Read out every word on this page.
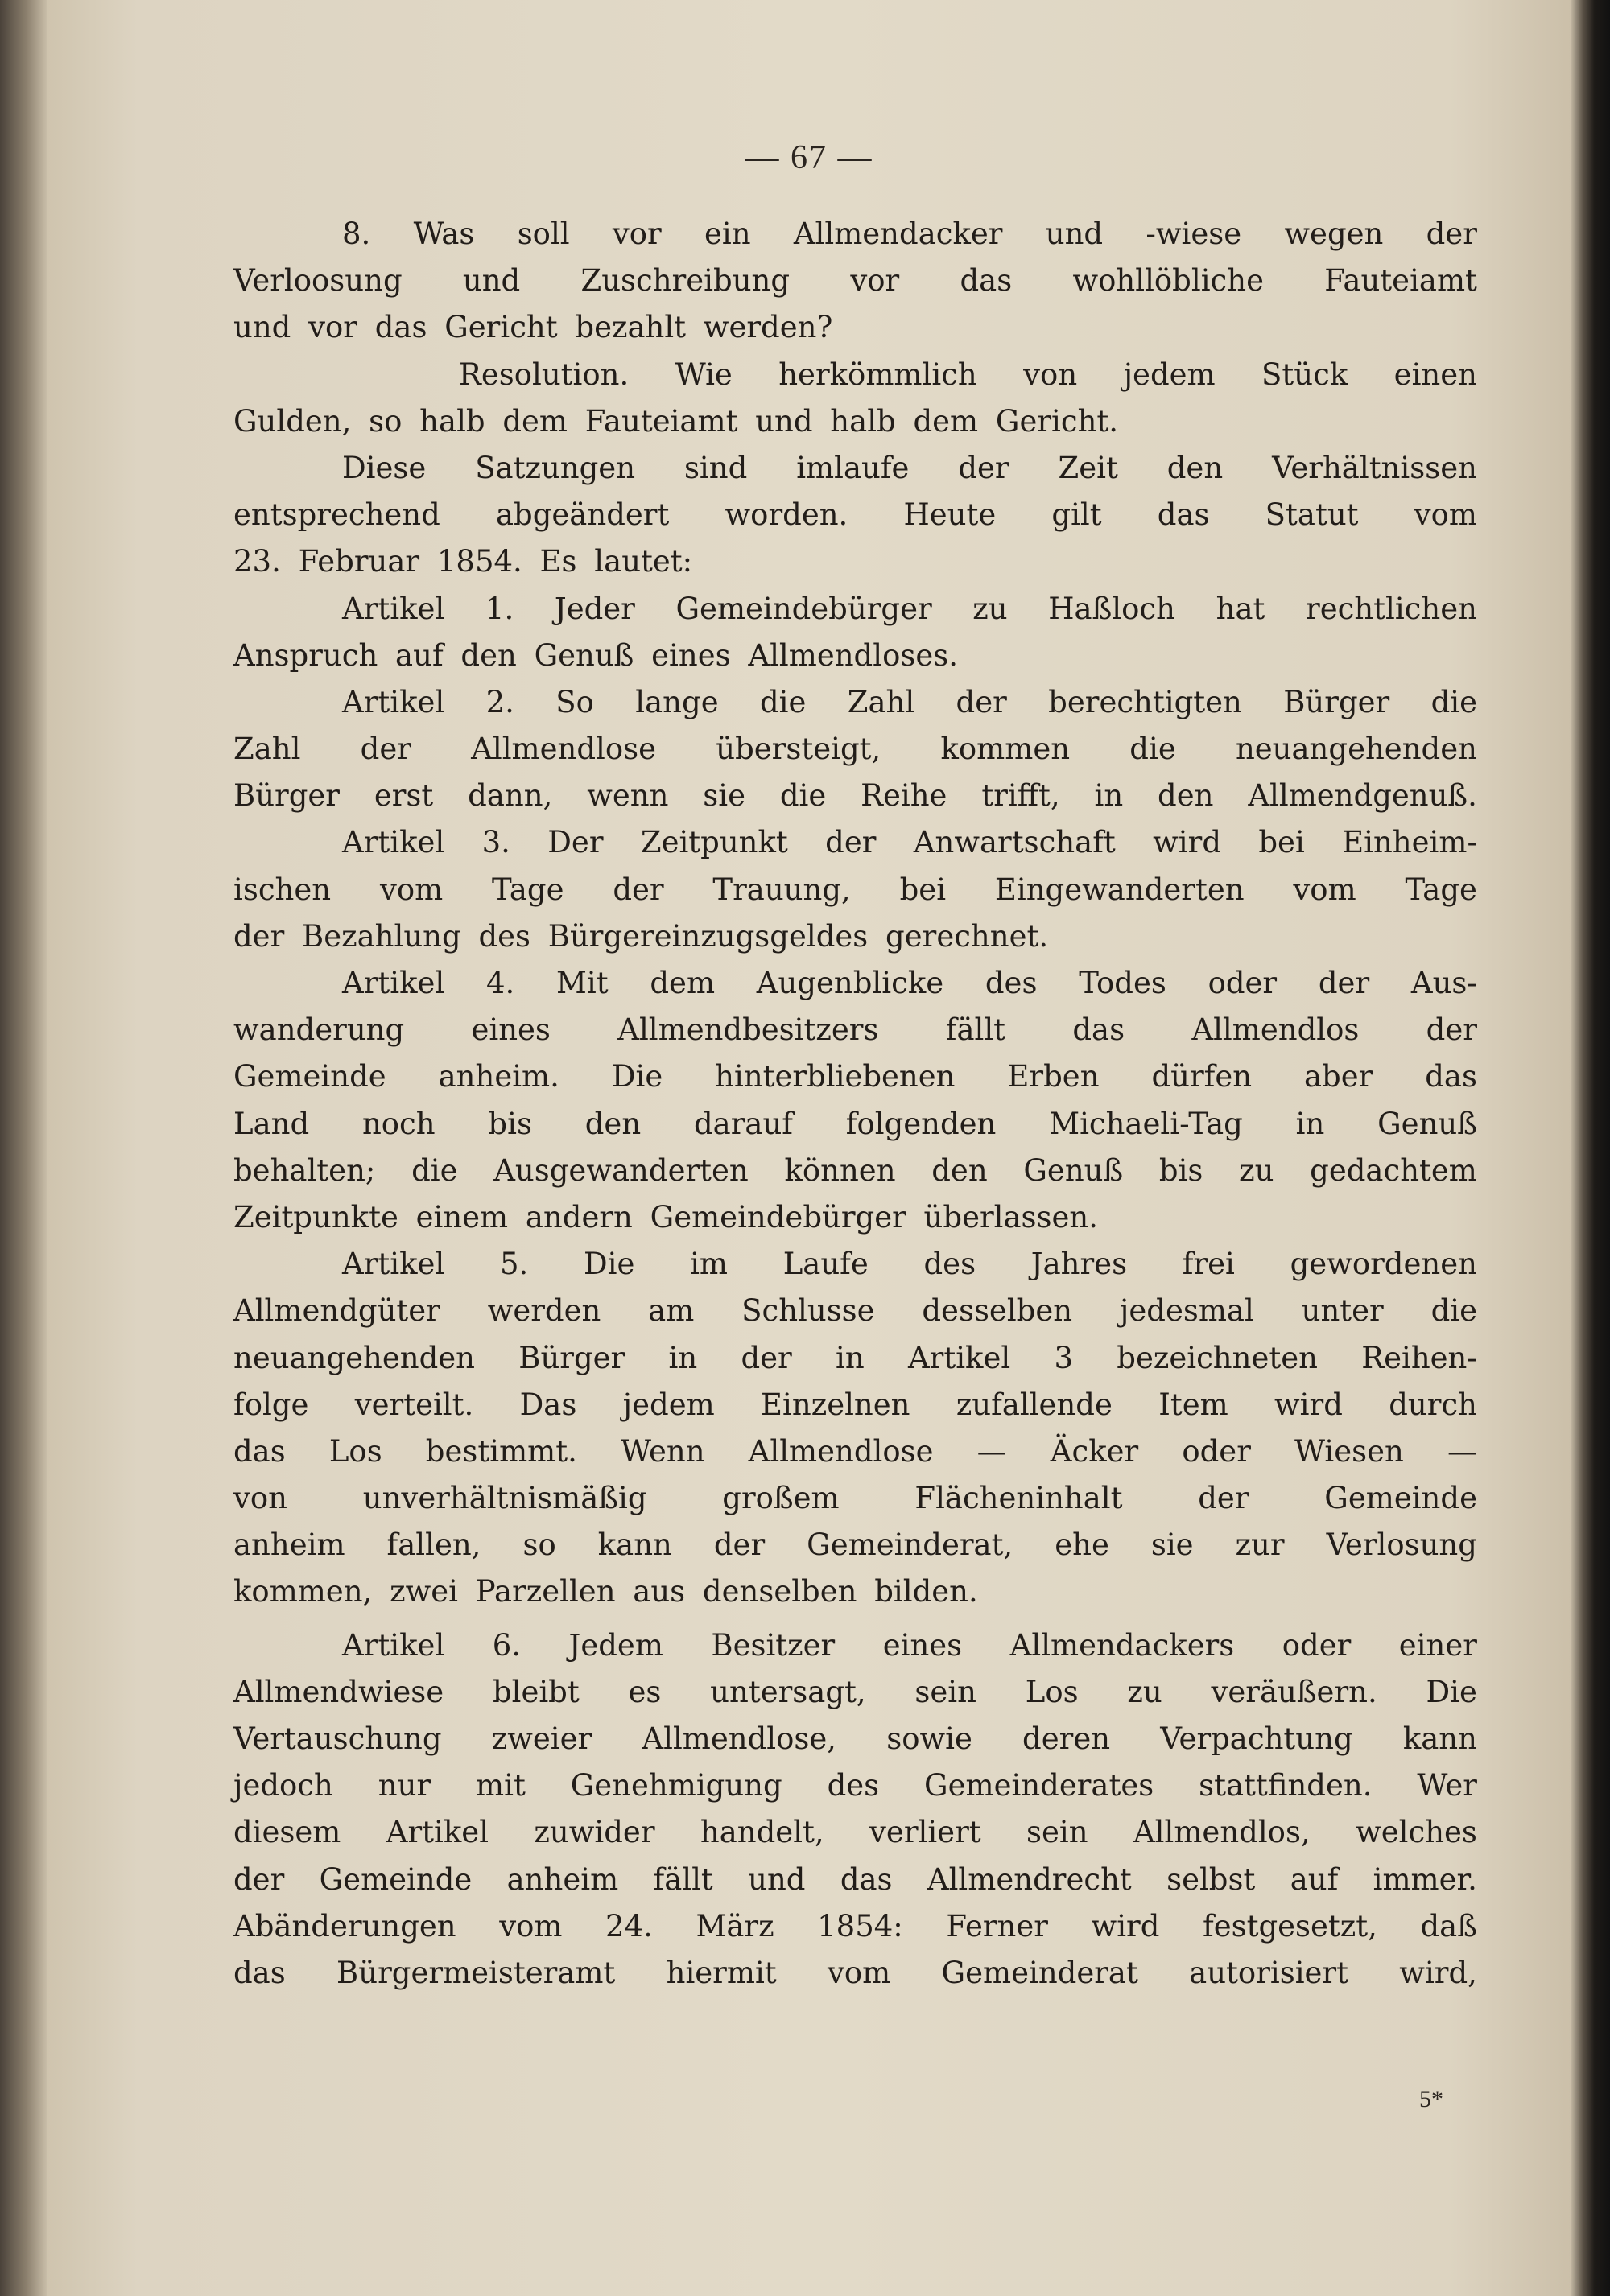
— 67 —
8. Was soll vor ein Allmendacker und -wiese wegen der
Verloosung und Zuschreibung vor das wohllöbliche Fauteiamt
und vor das Gericht bezahlt werden?
Resolution. Wie herkömmlich von jedem Stück einen
Gulden, so halb dem Fauteiamt und halb dem Gericht.
Diese Satzungen sind imlaufe der Zeit den Verhältnissen
entsprechend abgeändert worden. Heute gilt das Statut vom
23. Februar 1854. Es lautet:
Artikel 1. Jeder Gemeindebürger zu Haßloch hat rechtlichen
Anspruch auf den Genuß eines Allmendloses.
Artikel 2. So lange die Zahl der berechtigten Bürger die
Zahl der Allmendlose übersteigt, kommen die neuangehenden
Bürger erst dann, wenn sie die Reihe trifft, in den Allmendgenuß.
Artikel 3. Der Zeitpunkt der Anwartschaft wird bei Einheim-
ischen vom Tage der Trauung, bei Eingewanderten vom Tage
der Bezahlung des Bürgereinzugsgeldes gerechnet.
Artikel 4. Mit dem Augenblicke des Todes oder der Aus-
wanderung eines Allmendbesitzers fällt das Allmendlos der
Gemeinde anheim. Die hinterbliebenen Erben dürfen aber das
Land noch bis den darauf folgenden Michaeli-Tag in Genuß
behalten; die Ausgewanderten können den Genuß bis zu gedachtem
Zeitpunkte einem andern Gemeindebürger überlassen.
Artikel 5. Die im Laufe des Jahres frei gewordenen
Allmendgüter werden am Schlusse desselben jedesmal unter die
neuangehenden Bürger in der in Artikel 3 bezeichneten Reihen-
folge verteilt. Das jedem Einzelnen zufallende Item wird durch
das Los bestimmt. Wenn Allmendlose — Äcker oder Wiesen —
von	unverhältnismäßig	großem	Flächeninhalt	der	Gemeinde
anheim fallen, so kann der Gemeinderat, ehe sie zur Verlosung
kommen, zwei Parzellen aus denselben bilden.
Artikel 6. Jedem Besitzer eines Allmendackers oder einer
Allmendwiese bleibt es untersagt, sein Los zu veräußern. Die
Vertauschung zweier Allmendlose, sowie deren Verpachtung kann
jedoch nur mit Genehmigung des Gemeinderates stattfinden. Wer
diesem Artikel zuwider handelt, verliert sein Allmendlos, welches
der Gemeinde anheim fällt und das Allmendrecht selbst auf immer.
Abänderungen vom 24. März 1854: Ferner wird festgesetzt, daß
das Bürgermeisteramt hiermit vom Gemeinderat autorisiert wird,
5*
